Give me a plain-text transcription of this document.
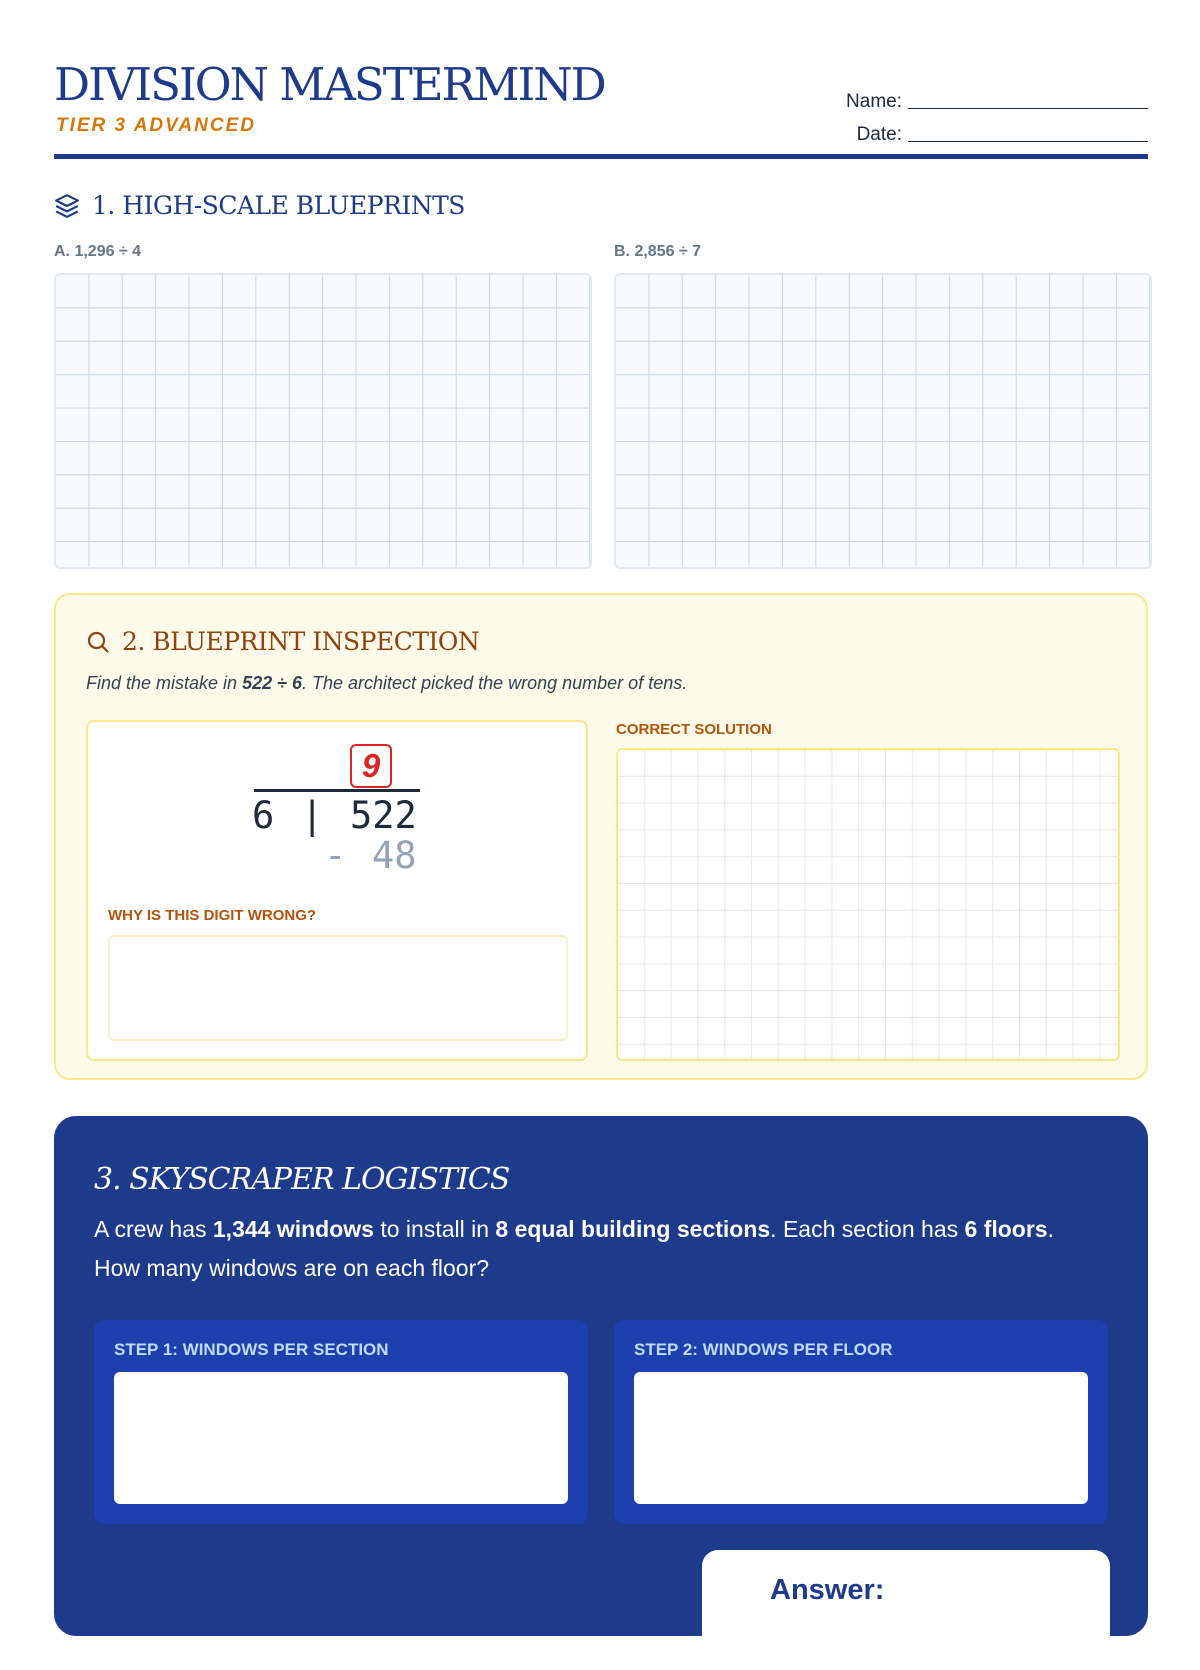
DIVISION MASTERMIND
TIER 3 ADVANCED
Name:
Date:
1. HIGH-SCALE BLUEPRINTS
A. 1,296 ÷ 4	B. 2,856 ÷ 7
2. BLUEPRINT INSPECTION
Find the mistake in 522 ÷ 6. The architect picked the wrong number of tens.
9
6 | 522
- 48
WHY IS THIS DIGIT WRONG?
CORRECT SOLUTION
3. SKYSCRAPER LOGISTICS
A crew has 1,344 windows to install in 8 equal building sections. Each section has 6 floors. How many windows are on each floor?
STEP 1: WINDOWS PER SECTION	STEP 2: WINDOWS PER FLOOR
Answer:
